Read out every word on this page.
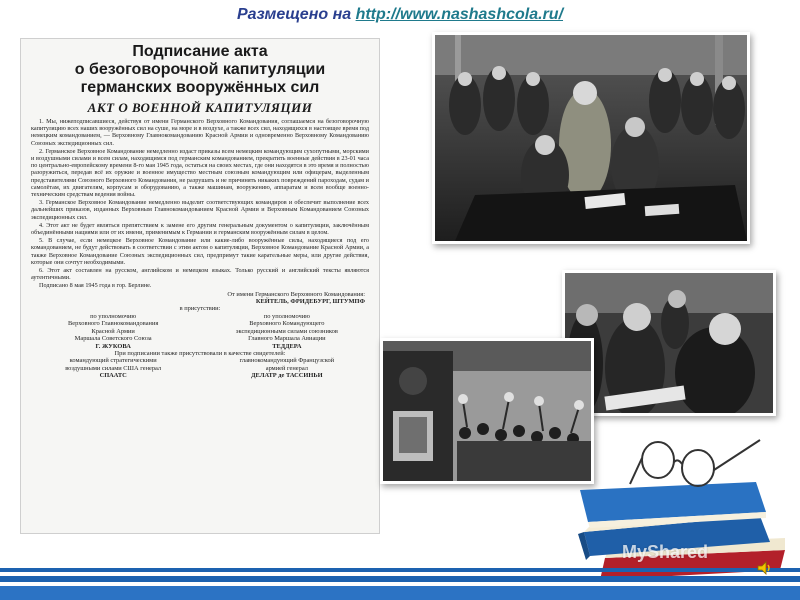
Размещено на http://www.nashashcola.ru/
Подписание акта
о безоговорочной капитуляции
германских вооружённых сил
АКТ О ВОЕННОЙ КАПИТУЛЯЦИИ

1. Мы, нижеподписавшиеся, действуя от имени Германского Верховного Командования, соглашаемся на безоговорочную капитуляцию всех наших вооружённых сил на суше, на море и в воздухе, а также всех сил, находящихся в настоящее время под немецким командованием, — Верховному Главнокомандованию Красной Армии и одновременно Верховному Командованию Союзных экспедиционных сил.

2. Германское Верховное Командование немедленно издаст приказы всем немецким командующим сухопутными, морскими и воздушными силами и всем силам, находящимся под германским командованием, прекратить военные действия в 23-01 часа по центрально-европейскому времени 8-го мая 1945 года, остаться на своих местах, где они находятся в это время и полностью разоружиться, передав всё их оружие и военное имущество местным союзным командующим или офицерам, выделенным представителями Союзного Верховного Командования, не разрушать и не причинять никаких повреждений пароходам, судам и самолётам, их двигателям, корпусам и оборудованию, а также машинам, вооружению, аппаратам и всем вообще военно-техническим средствам ведения войны.

3. Германское Верховное Командование немедленно выделит соответствующих командиров и обеспечит выполнение всех дальнейших приказов, изданных Верховным Главнокомандованием Красной Армии и Верховным Командованием Союзных экспедиционных сил.

4. Этот акт не будет являться препятствием к замене его другим генеральным документом о капитуляции, заключённым объединёнными нациями или от их имени, применимым к Германии и германским вооружённым силам в целом.

5. В случае, если немецкое Верховное Командование или какие-либо вооружённые силы, находящиеся под его командованием, не будут действовать в соответствии с этим актом о капитуляции, Верховное Командование Красной Армии, а также Верховное Командование Союзных экспедиционных сил, предпримут такие карательные меры, или другие действия, которые они сочтут необходимыми.

6. Этот акт составлен на русском, английском и немецком языках. Только русский и английский тексты являются аутентичными.

Подписано 8 мая 1945 года в гор. Берлине.

От имени Германского Верховного Командования:
КЕЙТЕЛЬ, ФРИДЕБУРГ, ШТУМПФ
в присутствии:
по уполномочию
Верховного Главнокомандования
Красной Армии
Маршала Советского Союза
Г. ЖУКОВА
по уполномочию
Верховного Командующего
экспедиционными силами союзников
Главного Маршала Авиации
ТЕДДЕРА
При подписании также присутствовали в качестве свидетелей:
командующий стратегическими
воздушными силами США генерал
СПААТС
главнокомандующий Французской
армией генерал
ДЕЛАТР де ТАССИНЬИ
MyShared
